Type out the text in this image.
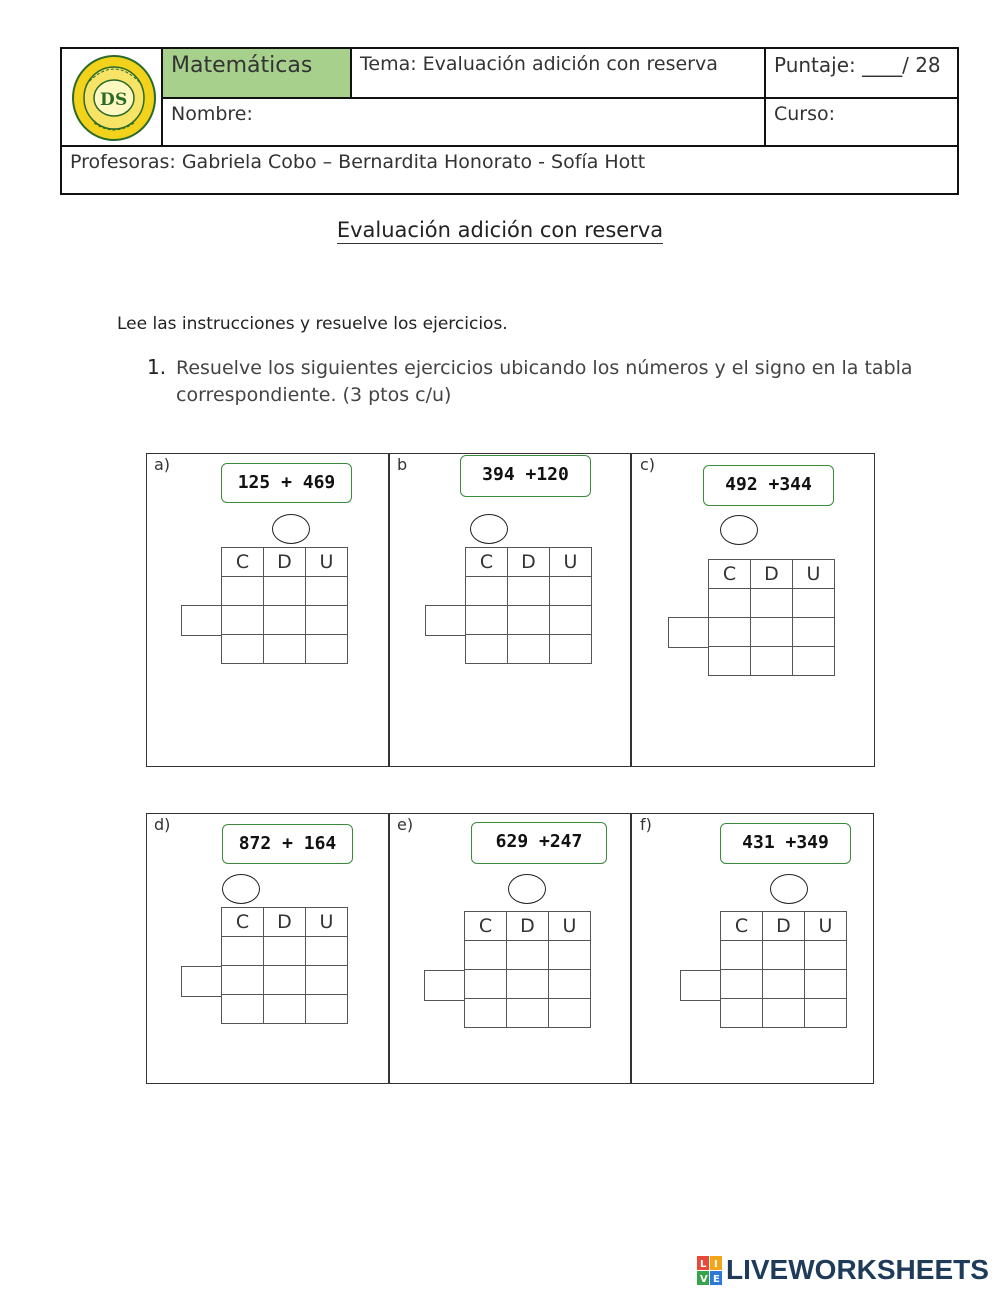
Matemáticas	Tema: Evaluación adición con reserva	Puntaje: ____/ 28
Nombre:	Curso:
Profesoras: Gabriela Cobo – Bernardita Honorato - Sofía Hott
D S
Evaluación adición con reserva
Lee las instrucciones y resuelve los ejercicios.
1. Resuelve los siguientes ejercicios ubicando los números y el signo en la tabla correspondiente. (3 ptos c/u)
a)
125 + 469
C	D	U

b	394 +120
C	D	U

c)
492 +344
C	D	U

d)
872 + 164
C	D	U

e)
629 +247
C	D	U

f)
431 +349
C	D	U

L I
V E LIVEWORKSHEETS
